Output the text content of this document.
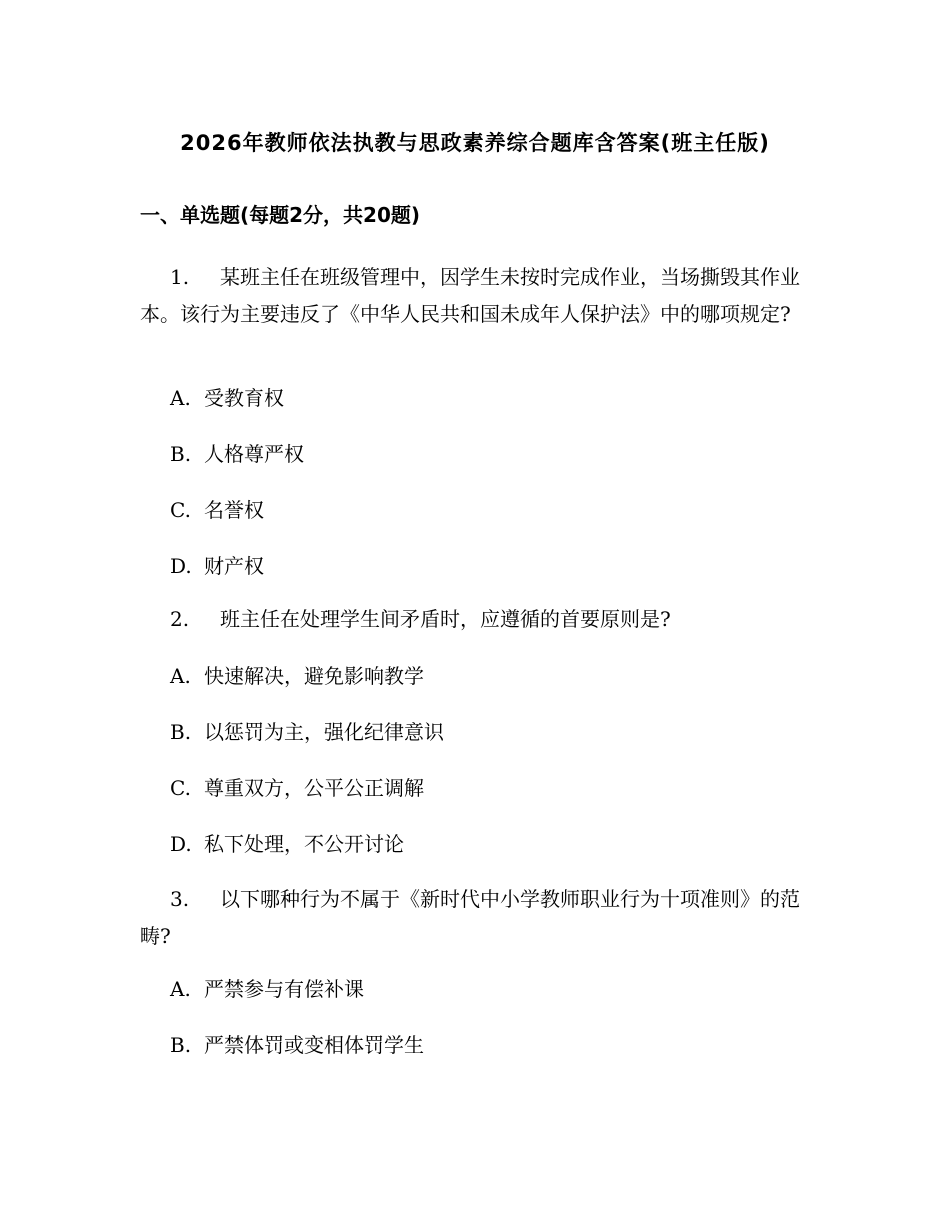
2026年教师依法执教与思政素养综合题库含答案(班主任版)
一、单选题(每题2分，共20题)
1. 某班主任在班级管理中，因学生未按时完成作业，当场撕毁其作业本。该行为主要违反了《中华人民共和国未成年人保护法》中的哪项规定?
A. 受教育权
B. 人格尊严权
C. 名誉权
D. 财产权
2. 班主任在处理学生间矛盾时，应遵循的首要原则是?
A. 快速解决，避免影响教学
B. 以惩罚为主，强化纪律意识
C. 尊重双方，公平公正调解
D. 私下处理，不公开讨论
3. 以下哪种行为不属于《新时代中小学教师职业行为十项准则》的范畴?
A. 严禁参与有偿补课
B. 严禁体罚或变相体罚学生
